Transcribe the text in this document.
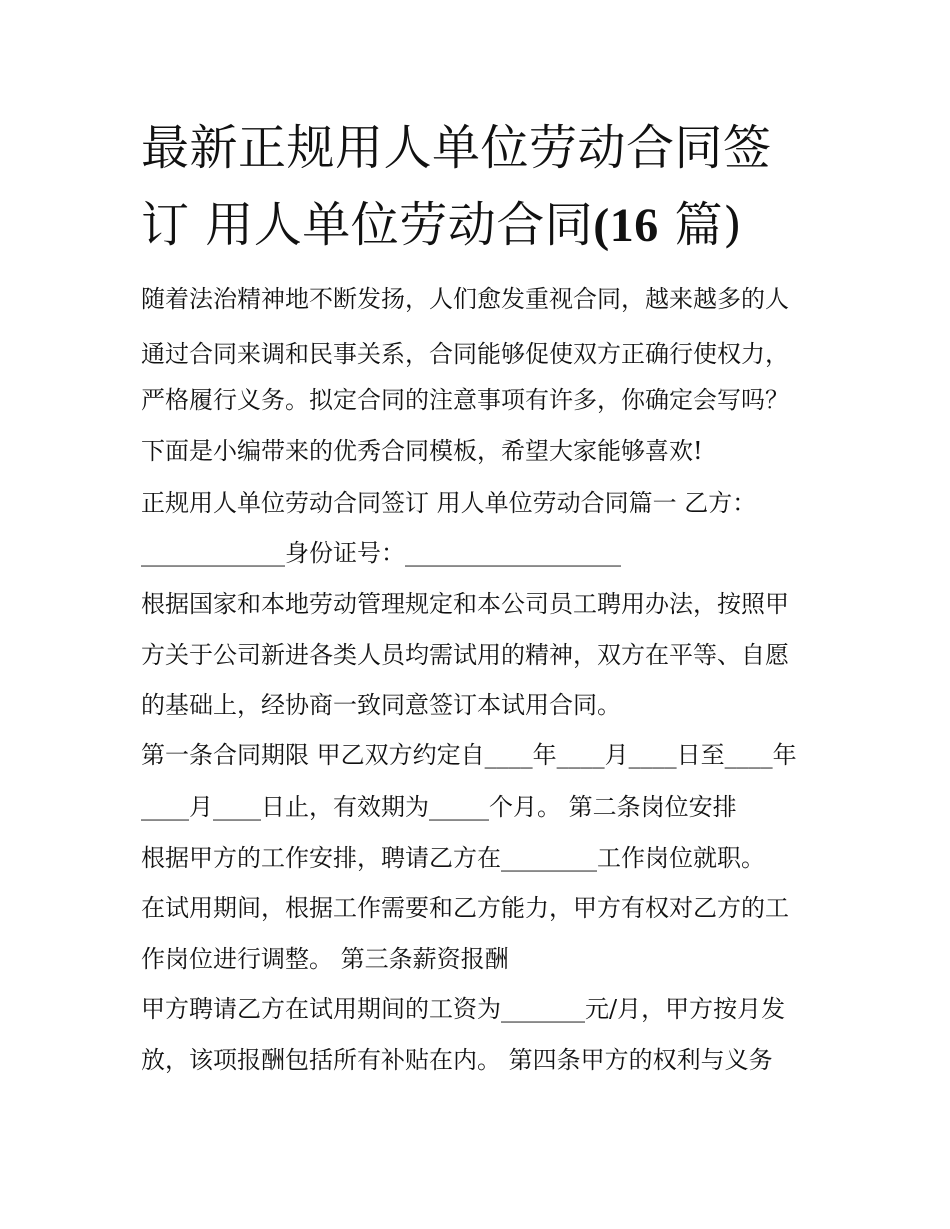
最新正规用人单位劳动合同签
订 用人单位劳动合同(16 篇)
随着法治精神地不断发扬，人们愈发重视合同，越来越多的人
通过合同来调和民事关系，合同能够促使双方正确行使权力，
严格履行义务。拟定合同的注意事项有许多，你确定会写吗？
下面是小编带来的优秀合同模板，希望大家能够喜欢!
正规用人单位劳动合同签订 用人单位劳动合同篇一 乙方：
____________身份证号：__________________
根据国家和本地劳动管理规定和本公司员工聘用办法，按照甲
方关于公司新进各类人员均需试用的精神，双方在平等、自愿
的基础上，经协商一致同意签订本试用合同。
第一条合同期限 甲乙双方约定自____年____月____日至____年
____月____日止，有效期为_____个月。 第二条岗位安排
根据甲方的工作安排，聘请乙方在________工作岗位就职。
在试用期间，根据工作需要和乙方能力，甲方有权对乙方的工
作岗位进行调整。 第三条薪资报酬
甲方聘请乙方在试用期间的工资为_______元/月，甲方按月发
放，该项报酬包括所有补贴在内。 第四条甲方的权利与义务
